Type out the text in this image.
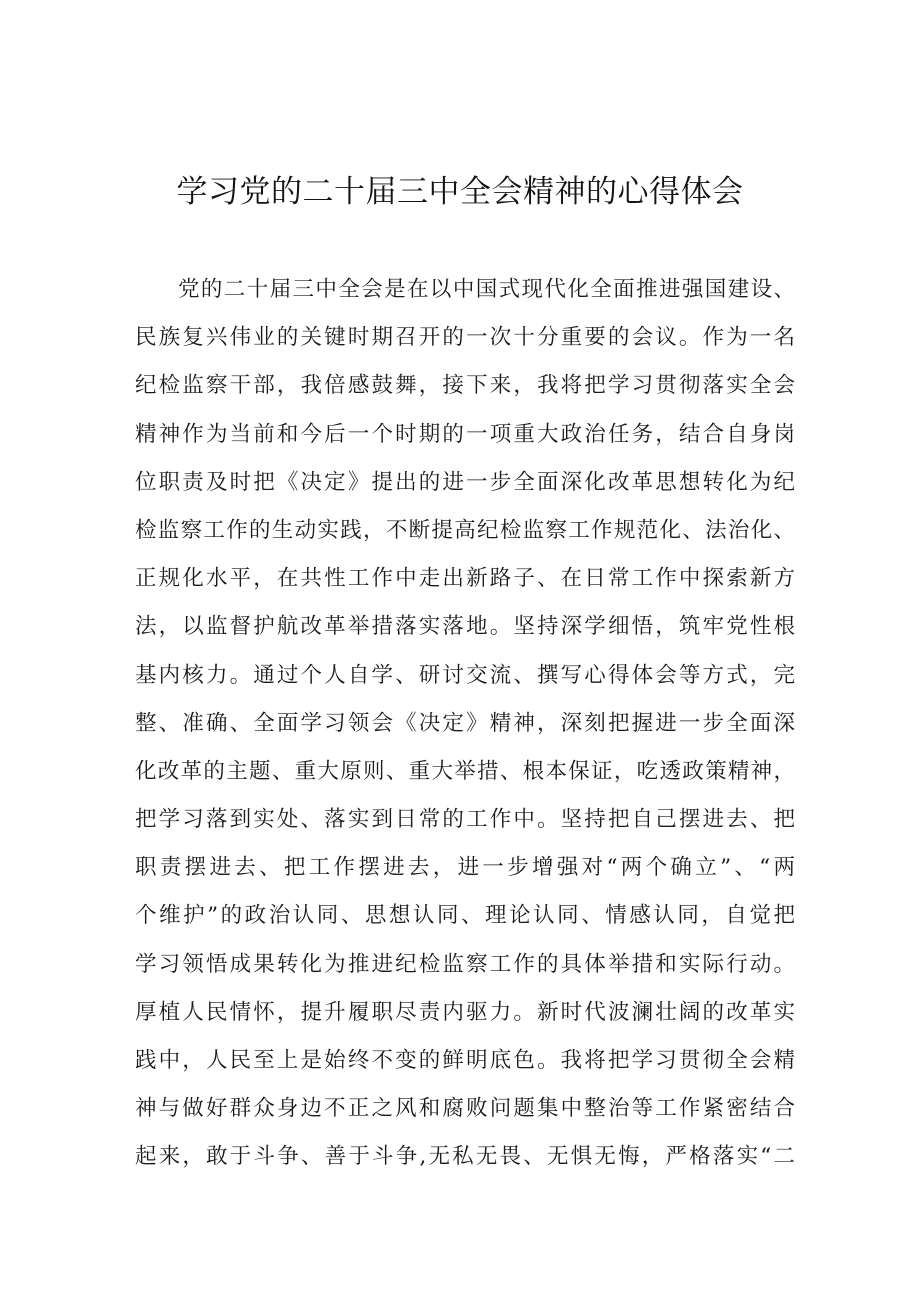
学习党的二十届三中全会精神的心得体会
党的二十届三中全会是在以中国式现代化全面推进强国建设、
民族复兴伟业的关键时期召开的一次十分重要的会议。作为一名
纪检监察干部，我倍感鼓舞，接下来，我将把学习贯彻落实全会
精神作为当前和今后一个时期的一项重大政治任务，结合自身岗
位职责及时把《决定》提出的进一步全面深化改革思想转化为纪
检监察工作的生动实践，不断提高纪检监察工作规范化、法治化、
正规化水平，在共性工作中走出新路子、在日常工作中探索新方
法，以监督护航改革举措落实落地。坚持深学细悟，筑牢党性根
基内核力。通过个人自学、研讨交流、撰写心得体会等方式，完
整、准确、全面学习领会《决定》精神，深刻把握进一步全面深
化改革的主题、重大原则、重大举措、根本保证，吃透政策精神，
把学习落到实处、落实到日常的工作中。坚持把自己摆进去、把
职责摆进去、把工作摆进去，进一步增强对“两个确立”、“两
个维护”的政治认同、思想认同、理论认同、情感认同，自觉把
学习领悟成果转化为推进纪检监察工作的具体举措和实际行动。
厚植人民情怀，提升履职尽责内驱力。新时代波澜壮阔的改革实
践中，人民至上是始终不变的鲜明底色。我将把学习贯彻全会精
神与做好群众身边不正之风和腐败问题集中整治等工作紧密结合
起来，敢于斗争、善于斗争,无私无畏、无惧无悔，严格落实“二
